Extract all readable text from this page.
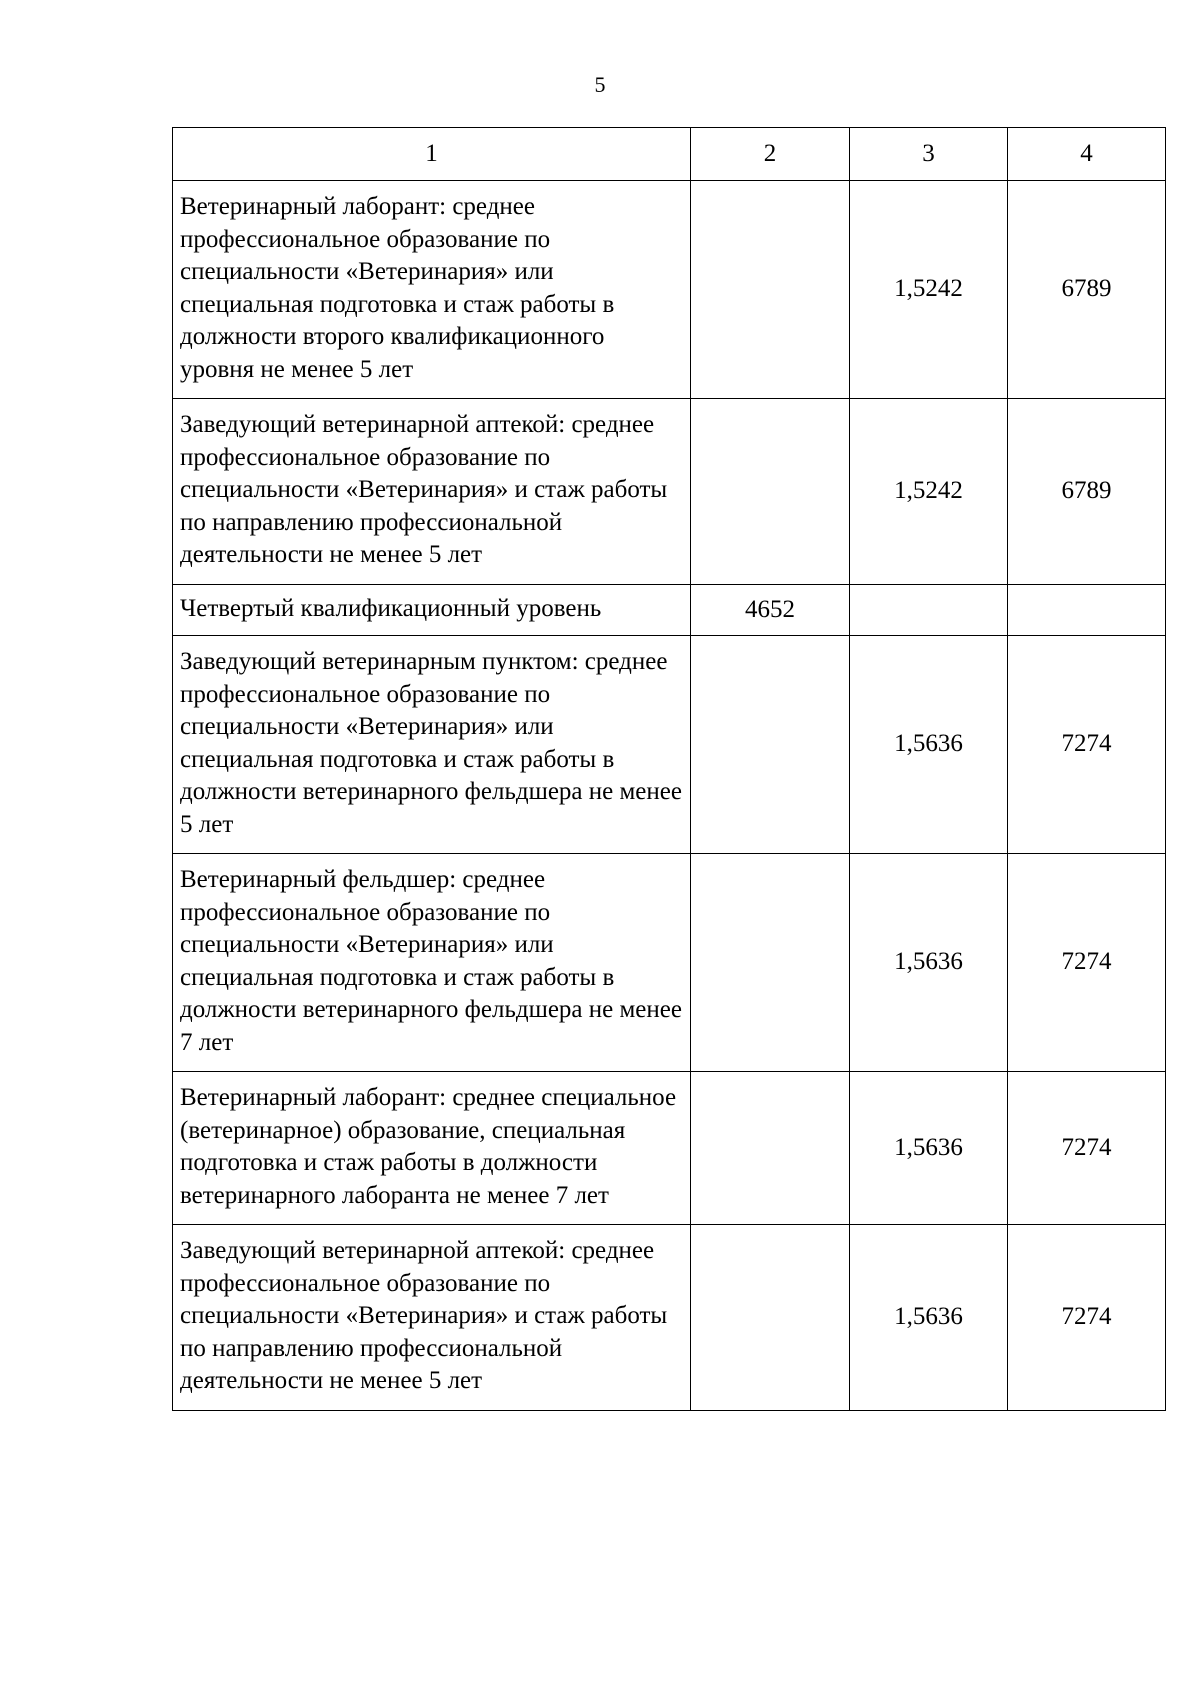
5
1	2	3	4
Ветеринарный лаборант: среднее профессиональное образование по специальности «Ветеринария» или специальная подготовка и стаж работы в должности второго квалификационного уровня не менее 5 лет		1,5242	6789
Заведующий ветеринарной аптекой: среднее профессиональное образование по специальности «Ветеринария» и стаж работы по направлению профессиональной деятельности не менее 5 лет		1,5242	6789
Четвертый квалификационный уровень	4652		
Заведующий ветеринарным пунктом: среднее профессиональное образование по специальности «Ветеринария» или специальная подготовка и стаж работы в должности ветеринарного фельдшера не менее 5 лет		1,5636	7274
Ветеринарный фельдшер: среднее профессиональное образование по специальности «Ветеринария» или специальная подготовка и стаж работы в должности ветеринарного фельдшера не менее 7 лет		1,5636	7274
Ветеринарный лаборант: среднее специальное (ветеринарное) образование, специальная подготовка и стаж работы в должности ветеринарного лаборанта не менее 7 лет		1,5636	7274
Заведующий ветеринарной аптекой: среднее профессиональное образование по специальности «Ветеринария» и стаж работы по направлению профессиональной деятельности не менее 5 лет		1,5636	7274
